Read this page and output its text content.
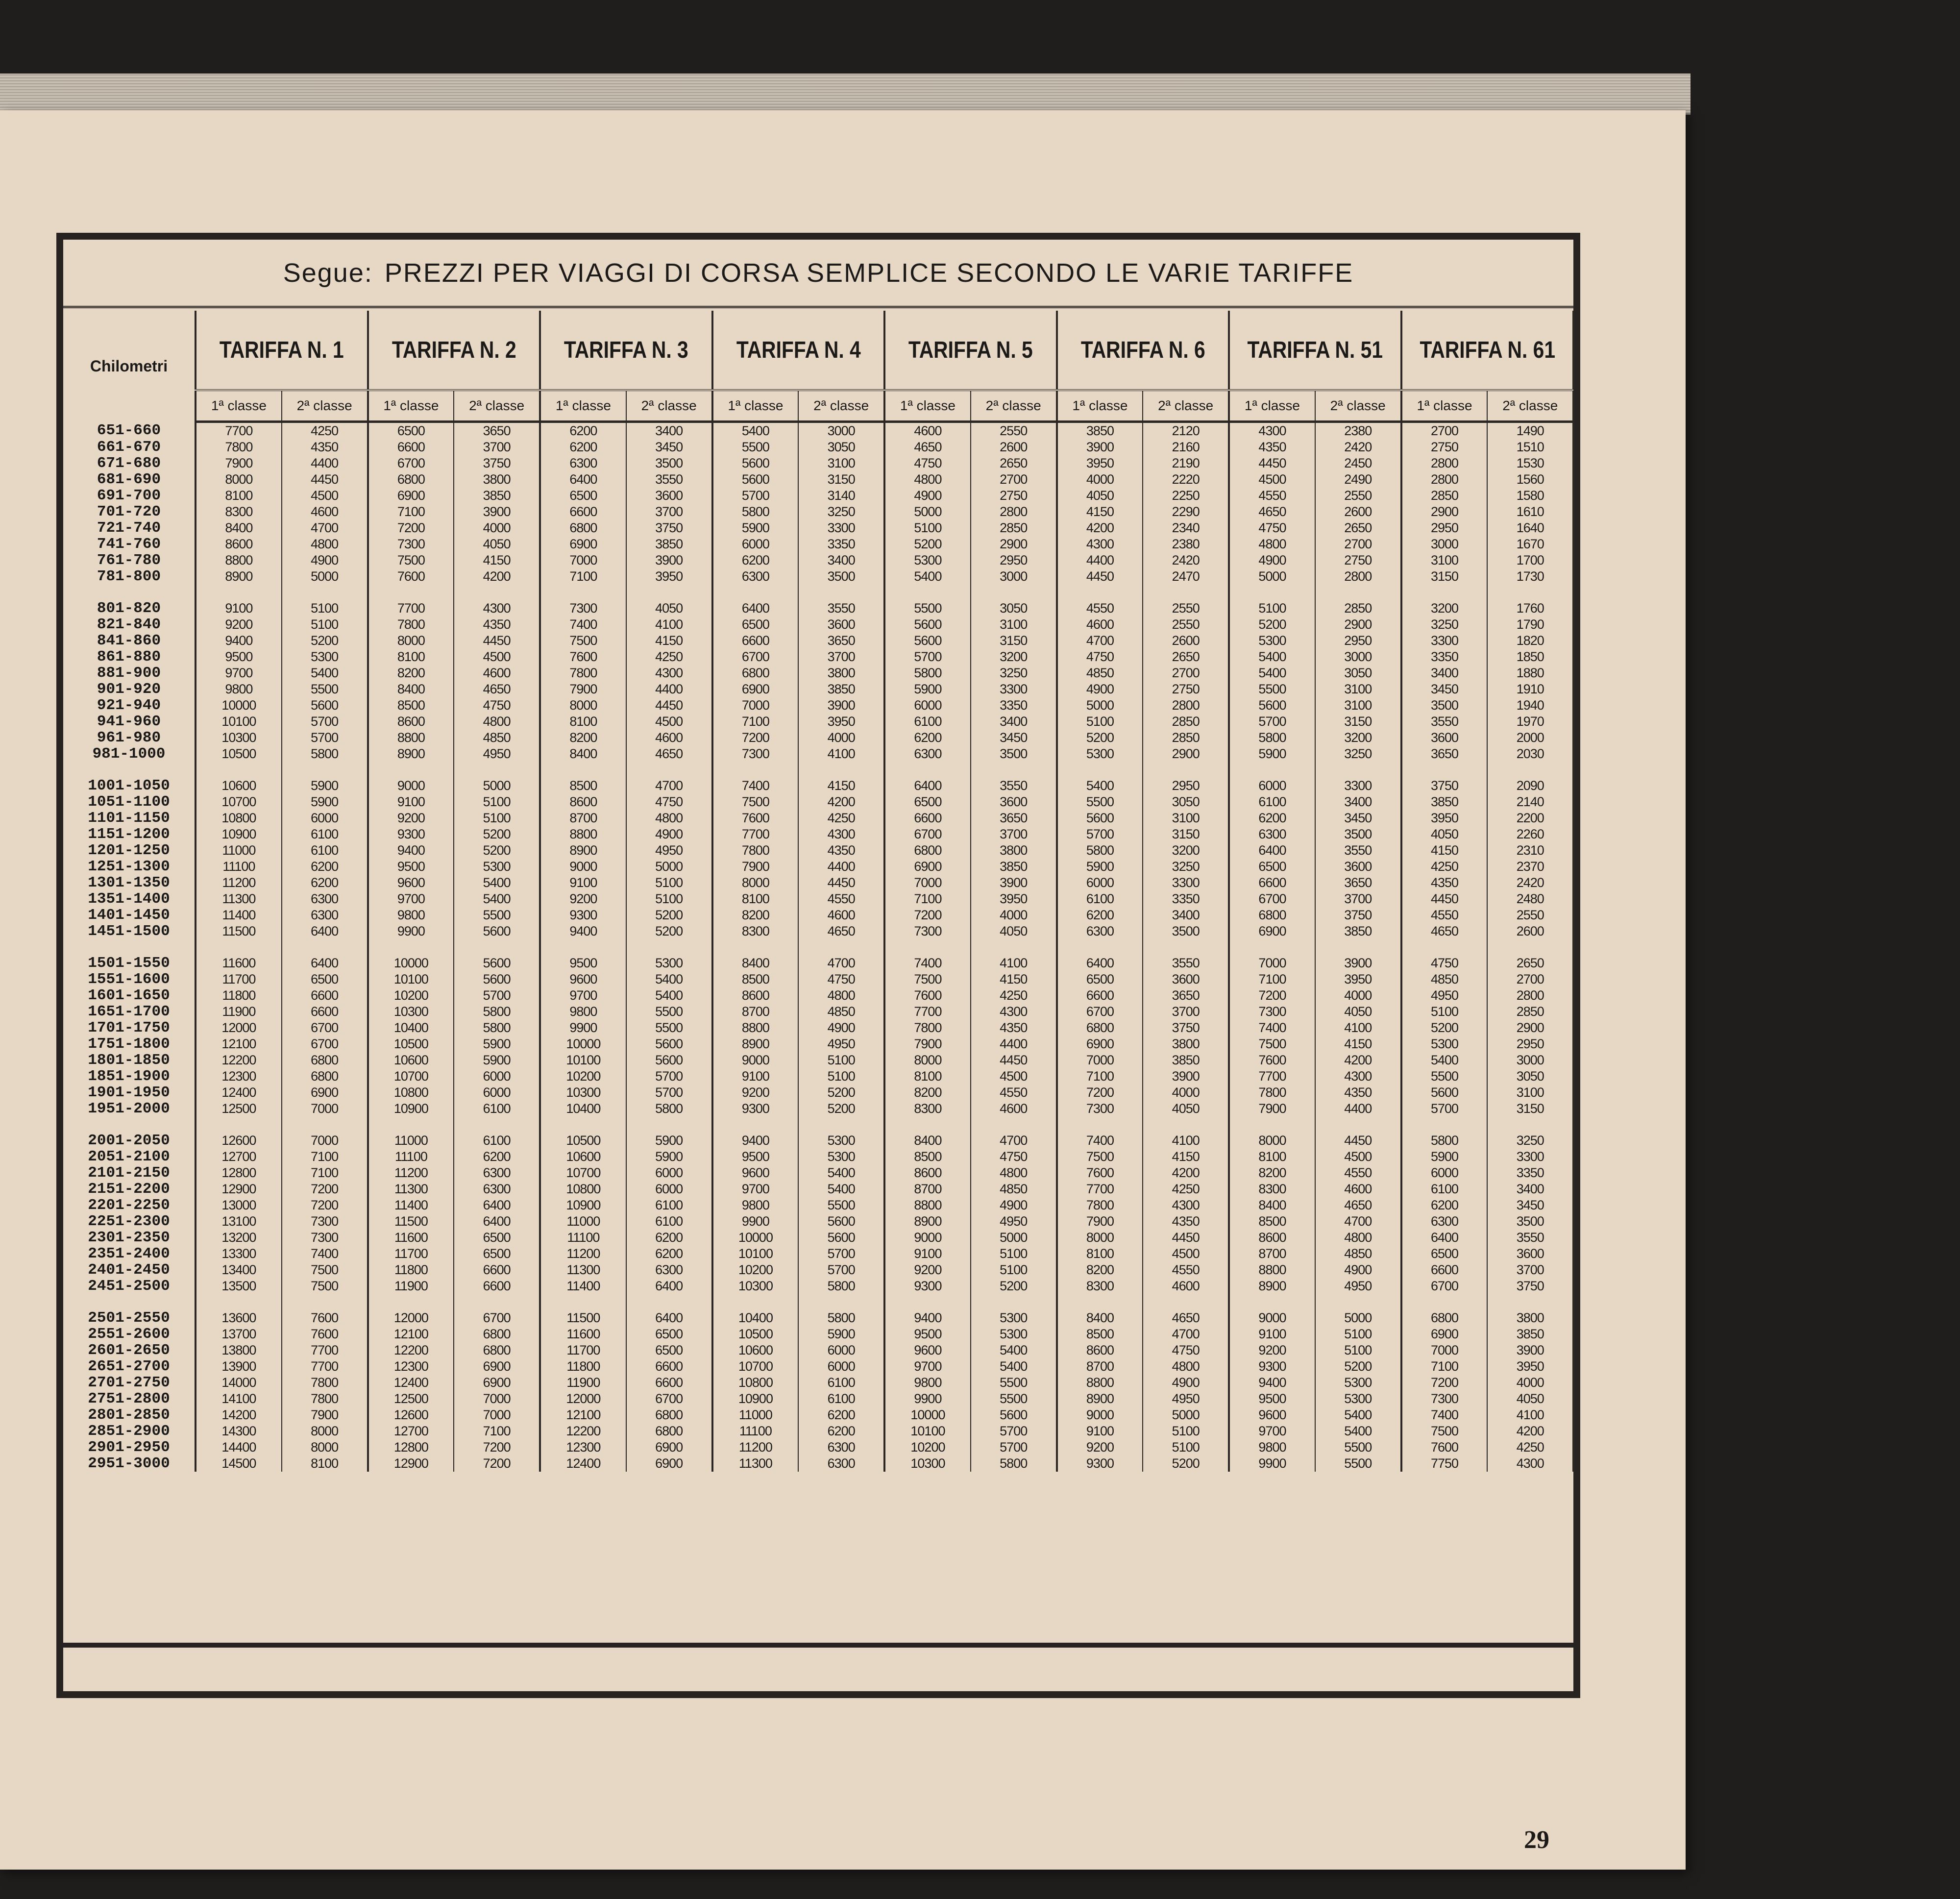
Segue: PREZZI PER VIAGGI DI CORSA SEMPLICE SECONDO LE VARIE TARIFFE
Chilometri	TARIFFA N. 1		TARIFFA N. 2		TARIFFA N. 3		TARIFFA N. 4		TARIFFA N. 5		TARIFFA N. 6		TARIFFA N. 51		TARIFFA N. 61	
	1ª classe	2ª classe	1ª classe	2ª classe	1ª classe	2ª classe	1ª classe	2ª classe	1ª classe	2ª classe	1ª classe	2ª classe	1ª classe	2ª classe	1ª classe	2ª classe
651-660	7700	4250	6500	3650	6200	3400	5400	3000	4600	2550	3850	2120	4300	2380	2700	1490
661-670	7800	4350	6600	3700	6200	3450	5500	3050	4650	2600	3900	2160	4350	2420	2750	1510
671-680	7900	4400	6700	3750	6300	3500	5600	3100	4750	2650	3950	2190	4450	2450	2800	1530
681-690	8000	4450	6800	3800	6400	3550	5600	3150	4800	2700	4000	2220	4500	2490	2800	1560
691-700	8100	4500	6900	3850	6500	3600	5700	3140	4900	2750	4050	2250	4550	2550	2850	1580
701-720	8300	4600	7100	3900	6600	3700	5800	3250	5000	2800	4150	2290	4650	2600	2900	1610
721-740	8400	4700	7200	4000	6800	3750	5900	3300	5100	2850	4200	2340	4750	2650	2950	1640
741-760	8600	4800	7300	4050	6900	3850	6000	3350	5200	2900	4300	2380	4800	2700	3000	1670
761-780	8800	4900	7500	4150	7000	3900	6200	3400	5300	2950	4400	2420	4900	2750	3100	1700
781-800	8900	5000	7600	4200	7100	3950	6300	3500	5400	3000	4450	2470	5000	2800	3150	1730

801-820	9100	5100	7700	4300	7300	4050	6400	3550	5500	3050	4550	2550	5100	2850	3200	1760
821-840	9200	5100	7800	4350	7400	4100	6500	3600	5600	3100	4600	2550	5200	2900	3250	1790
841-860	9400	5200	8000	4450	7500	4150	6600	3650	5600	3150	4700	2600	5300	2950	3300	1820
861-880	9500	5300	8100	4500	7600	4250	6700	3700	5700	3200	4750	2650	5400	3000	3350	1850
881-900	9700	5400	8200	4600	7800	4300	6800	3800	5800	3250	4850	2700	5400	3050	3400	1880
901-920	9800	5500	8400	4650	7900	4400	6900	3850	5900	3300	4900	2750	5500	3100	3450	1910
921-940	10000	5600	8500	4750	8000	4450	7000	3900	6000	3350	5000	2800	5600	3100	3500	1940
941-960	10100	5700	8600	4800	8100	4500	7100	3950	6100	3400	5100	2850	5700	3150	3550	1970
961-980	10300	5700	8800	4850	8200	4600	7200	4000	6200	3450	5200	2850	5800	3200	3600	2000
981-1000	10500	5800	8900	4950	8400	4650	7300	4100	6300	3500	5300	2900	5900	3250	3650	2030

1001-1050	10600	5900	9000	5000	8500	4700	7400	4150	6400	3550	5400	2950	6000	3300	3750	2090
1051-1100	10700	5900	9100	5100	8600	4750	7500	4200	6500	3600	5500	3050	6100	3400	3850	2140
1101-1150	10800	6000	9200	5100	8700	4800	7600	4250	6600	3650	5600	3100	6200	3450	3950	2200
1151-1200	10900	6100	9300	5200	8800	4900	7700	4300	6700	3700	5700	3150	6300	3500	4050	2260
1201-1250	11000	6100	9400	5200	8900	4950	7800	4350	6800	3800	5800	3200	6400	3550	4150	2310
1251-1300	11100	6200	9500	5300	9000	5000	7900	4400	6900	3850	5900	3250	6500	3600	4250	2370
1301-1350	11200	6200	9600	5400	9100	5100	8000	4450	7000	3900	6000	3300	6600	3650	4350	2420
1351-1400	11300	6300	9700	5400	9200	5100	8100	4550	7100	3950	6100	3350	6700	3700	4450	2480
1401-1450	11400	6300	9800	5500	9300	5200	8200	4600	7200	4000	6200	3400	6800	3750	4550	2550
1451-1500	11500	6400	9900	5600	9400	5200	8300	4650	7300	4050	6300	3500	6900	3850	4650	2600

1501-1550	11600	6400	10000	5600	9500	5300	8400	4700	7400	4100	6400	3550	7000	3900	4750	2650
1551-1600	11700	6500	10100	5600	9600	5400	8500	4750	7500	4150	6500	3600	7100	3950	4850	2700
1601-1650	11800	6600	10200	5700	9700	5400	8600	4800	7600	4250	6600	3650	7200	4000	4950	2800
1651-1700	11900	6600	10300	5800	9800	5500	8700	4850	7700	4300	6700	3700	7300	4050	5100	2850
1701-1750	12000	6700	10400	5800	9900	5500	8800	4900	7800	4350	6800	3750	7400	4100	5200	2900
1751-1800	12100	6700	10500	5900	10000	5600	8900	4950	7900	4400	6900	3800	7500	4150	5300	2950
1801-1850	12200	6800	10600	5900	10100	5600	9000	5100	8000	4450	7000	3850	7600	4200	5400	3000
1851-1900	12300	6800	10700	6000	10200	5700	9100	5100	8100	4500	7100	3900	7700	4300	5500	3050
1901-1950	12400	6900	10800	6000	10300	5700	9200	5200	8200	4550	7200	4000	7800	4350	5600	3100
1951-2000	12500	7000	10900	6100	10400	5800	9300	5200	8300	4600	7300	4050	7900	4400	5700	3150

2001-2050	12600	7000	11000	6100	10500	5900	9400	5300	8400	4700	7400	4100	8000	4450	5800	3250
2051-2100	12700	7100	11100	6200	10600	5900	9500	5300	8500	4750	7500	4150	8100	4500	5900	3300
2101-2150	12800	7100	11200	6300	10700	6000	9600	5400	8600	4800	7600	4200	8200	4550	6000	3350
2151-2200	12900	7200	11300	6300	10800	6000	9700	5400	8700	4850	7700	4250	8300	4600	6100	3400
2201-2250	13000	7200	11400	6400	10900	6100	9800	5500	8800	4900	7800	4300	8400	4650	6200	3450
2251-2300	13100	7300	11500	6400	11000	6100	9900	5600	8900	4950	7900	4350	8500	4700	6300	3500
2301-2350	13200	7300	11600	6500	11100	6200	10000	5600	9000	5000	8000	4450	8600	4800	6400	3550
2351-2400	13300	7400	11700	6500	11200	6200	10100	5700	9100	5100	8100	4500	8700	4850	6500	3600
2401-2450	13400	7500	11800	6600	11300	6300	10200	5700	9200	5100	8200	4550	8800	4900	6600	3700
2451-2500	13500	7500	11900	6600	11400	6400	10300	5800	9300	5200	8300	4600	8900	4950	6700	3750

2501-2550	13600	7600	12000	6700	11500	6400	10400	5800	9400	5300	8400	4650	9000	5000	6800	3800
2551-2600	13700	7600	12100	6800	11600	6500	10500	5900	9500	5300	8500	4700	9100	5100	6900	3850
2601-2650	13800	7700	12200	6800	11700	6500	10600	6000	9600	5400	8600	4750	9200	5100	7000	3900
2651-2700	13900	7700	12300	6900	11800	6600	10700	6000	9700	5400	8700	4800	9300	5200	7100	3950
2701-2750	14000	7800	12400	6900	11900	6600	10800	6100	9800	5500	8800	4900	9400	5300	7200	4000
2751-2800	14100	7800	12500	7000	12000	6700	10900	6100	9900	5500	8900	4950	9500	5300	7300	4050
2801-2850	14200	7900	12600	7000	12100	6800	11000	6200	10000	5600	9000	5000	9600	5400	7400	4100
2851-2900	14300	8000	12700	7100	12200	6800	11100	6200	10100	5700	9100	5100	9700	5400	7500	4200
2901-2950	14400	8000	12800	7200	12300	6900	11200	6300	10200	5700	9200	5100	9800	5500	7600	4250
2951-3000	14500	8100	12900	7200	12400	6900	11300	6300	10300	5800	9300	5200	9900	5500	7750	4300
29
